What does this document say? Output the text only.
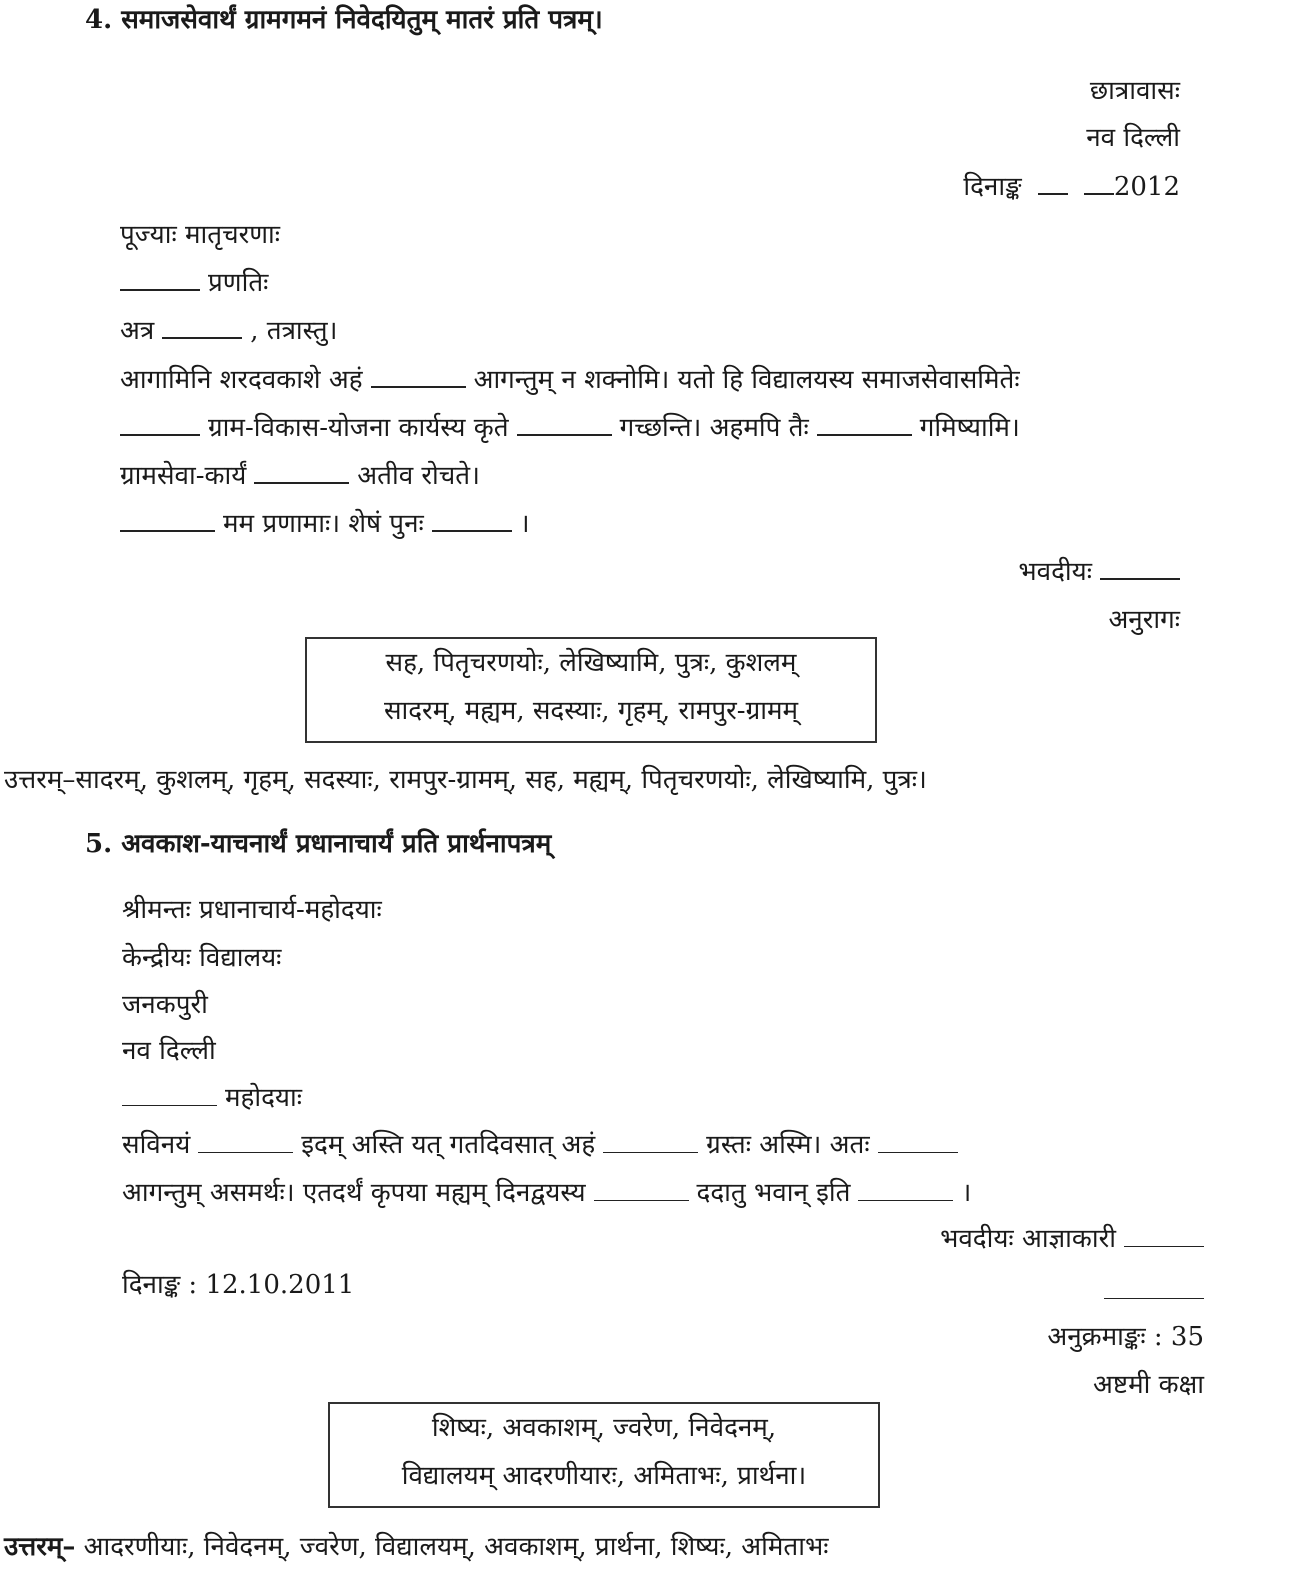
4. समाजसेवार्थं ग्रामगमनं निवेदयितुम् मातरं प्रति पत्रम्।
छात्रावासः
नव दिल्ली
दिनाङ्क	2012
पूज्याः मातृचरणाः
प्रणतिः
अत्र	, तत्रास्तु।
आगामिनि शरदवकाशे अहं	आगन्तुम् न शक्नोमि। यतो हि विद्यालयस्य समाजसेवासमितेः
ग्राम-विकास-योजना कार्यस्य कृते	गच्छन्ति। अहमपि तैः	गमिष्यामि।
ग्रामसेवा-कार्यं	अतीव रोचते।
मम प्रणामाः। शेषं पुनः	।
भवदीयः
अनुरागः
सह, पितृचरणयोः, लेखिष्यामि, पुत्रः, कुशलम्
सादरम्, मह्यम, सदस्याः, गृहम्, रामपुर-ग्रामम्
उत्तरम्–सादरम्, कुशलम्, गृहम्, सदस्याः, रामपुर-ग्रामम्, सह, मह्यम्, पितृचरणयोः, लेखिष्यामि, पुत्रः।
5. अवकाश-याचनार्थं प्रधानाचार्यं प्रति प्रार्थनापत्रम्
श्रीमन्तः प्रधानाचार्य-महोदयाः
केन्द्रीयः विद्यालयः
जनकपुरी
नव दिल्ली
महोदयाः
सविनयं	इदम् अस्ति यत् गतदिवसात् अहं	ग्रस्तः अस्मि। अतः
आगन्तुम् असमर्थः। एतदर्थं कृपया मह्यम् दिनद्वयस्य	ददातु भवान् इति	।
भवदीयः आज्ञाकारी
दिनाङ्क : 12.10.2011
अनुक्रमाङ्कः : 35
अष्टमी कक्षा
शिष्यः, अवकाशम्, ज्वरेण, निवेदनम्,
विद्यालयम् आदरणीयारः, अमिताभः, प्रार्थना।
उत्तरम्– आदरणीयाः, निवेदनम्, ज्वरेण, विद्यालयम्, अवकाशम्, प्रार्थना, शिष्यः, अमिताभः
